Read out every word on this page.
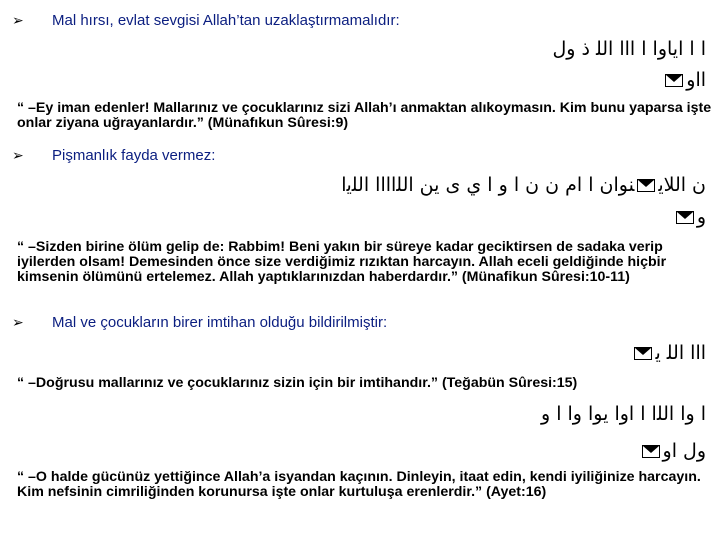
➢ Mal hırsı, evlat sevgisi Allah’tan uzaklaştırmamalıdır:
ﺍ ﺍ ﺍﻳﺎﻭﺍ ﺍ ﺍﺍﺍ ﺍﻟﻠ ﺫ ﻭﻝ
ﺍﺍﻭ
“ –Ey iman edenler! Mallarınız ve çocuklarınız sizi Allah’ı anmaktan alıkoymasın. Kim bunu yaparsa işte onlar ziyana uğrayanlardır.” (Münafıkun Sûresi:9)
➢ Pişmanlık fayda vermez:
ﻥ ﺍﻟﻠﺎﻳﻨﻮﺍﻥ ﺍ ﺍﻡ ﻥ ﻥ ﺍ ﻭ ﺍ ﻱ ﻯ ﻳﻦ ﺍﻟﻠﺍﺍﺍﺍ ﺍﻟﻠﻳﺍ
ﻭ
“ –Sizden birine ölüm gelip de: Rabbim! Beni yakın bir süreye kadar geciktirsen de sadaka verip iyilerden olsam! Demesinden önce size verdiğimiz rızıktan harcayın. Allah eceli geldiğinde hiçbir kimsenin ölümünü ertelemez. Allah yaptıklarınızdan haberdardır.” (Münafikun Sûresi:10-11)
➢ Mal ve çocukların birer imtihan olduğu bildirilmiştir:
ﺍﺍﺍ ﺍﻟﻠ ﻳ
“ –Doğrusu mallarınız ve çocuklarınız sizin için bir imtihandır.” (Teğabün Sûresi:15)
ﺍ ﻭﺍ ﺍﻟﻠﺍ ﺍ ﺍﻭﺍ ﻳﻮﺍ ﻭﺍ ﺍ ﻭ
ﻭﻝ ﺍﻭ
“ –O halde gücünüz yettiğince Allah’a isyandan kaçının. Dinleyin, itaat edin, kendi iyiliğinize harcayın. Kim nefsinin cimriliğinden korunursa işte onlar kurtuluşa erenlerdir.” (Ayet:16)
